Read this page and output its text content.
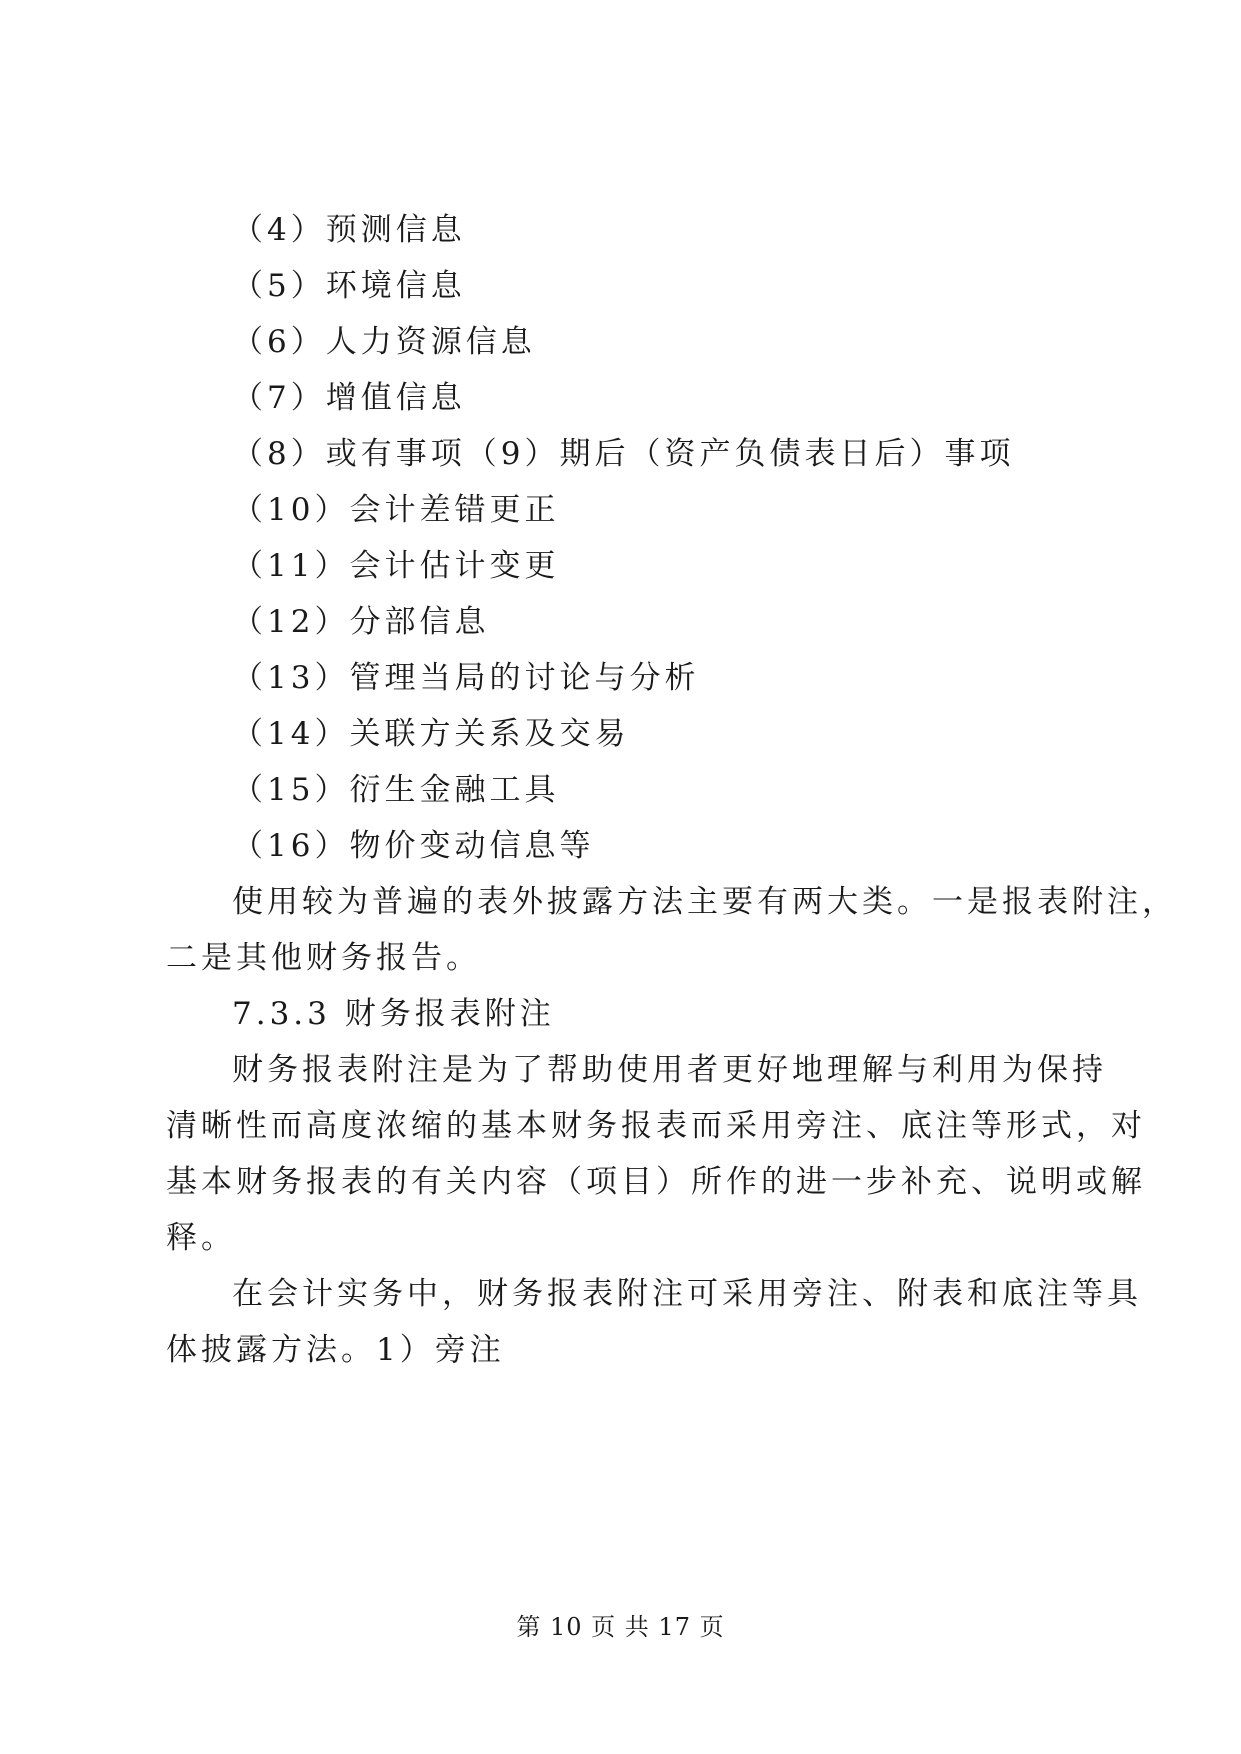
（4）预测信息
（5）环境信息
（6）人力资源信息
（7）增值信息
（8）或有事项（9）期后（资产负债表日后）事项
（10）会计差错更正
（11）会计估计变更
（12）分部信息
（13）管理当局的讨论与分析
（14）关联方关系及交易
（15）衍生金融工具
（16）物价变动信息等
使用较为普遍的表外披露方法主要有两大类。一是报表附注，
二是其他财务报告。
7.3.3 财务报表附注
财务报表附注是为了帮助使用者更好地理解与利用为保持
清晰性而高度浓缩的基本财务报表而采用旁注、底注等形式，对
基本财务报表的有关内容（项目）所作的进一步补充、说明或解
释。
在会计实务中，财务报表附注可采用旁注、附表和底注等具
体披露方法。1）旁注
第 10 页 共 17 页
